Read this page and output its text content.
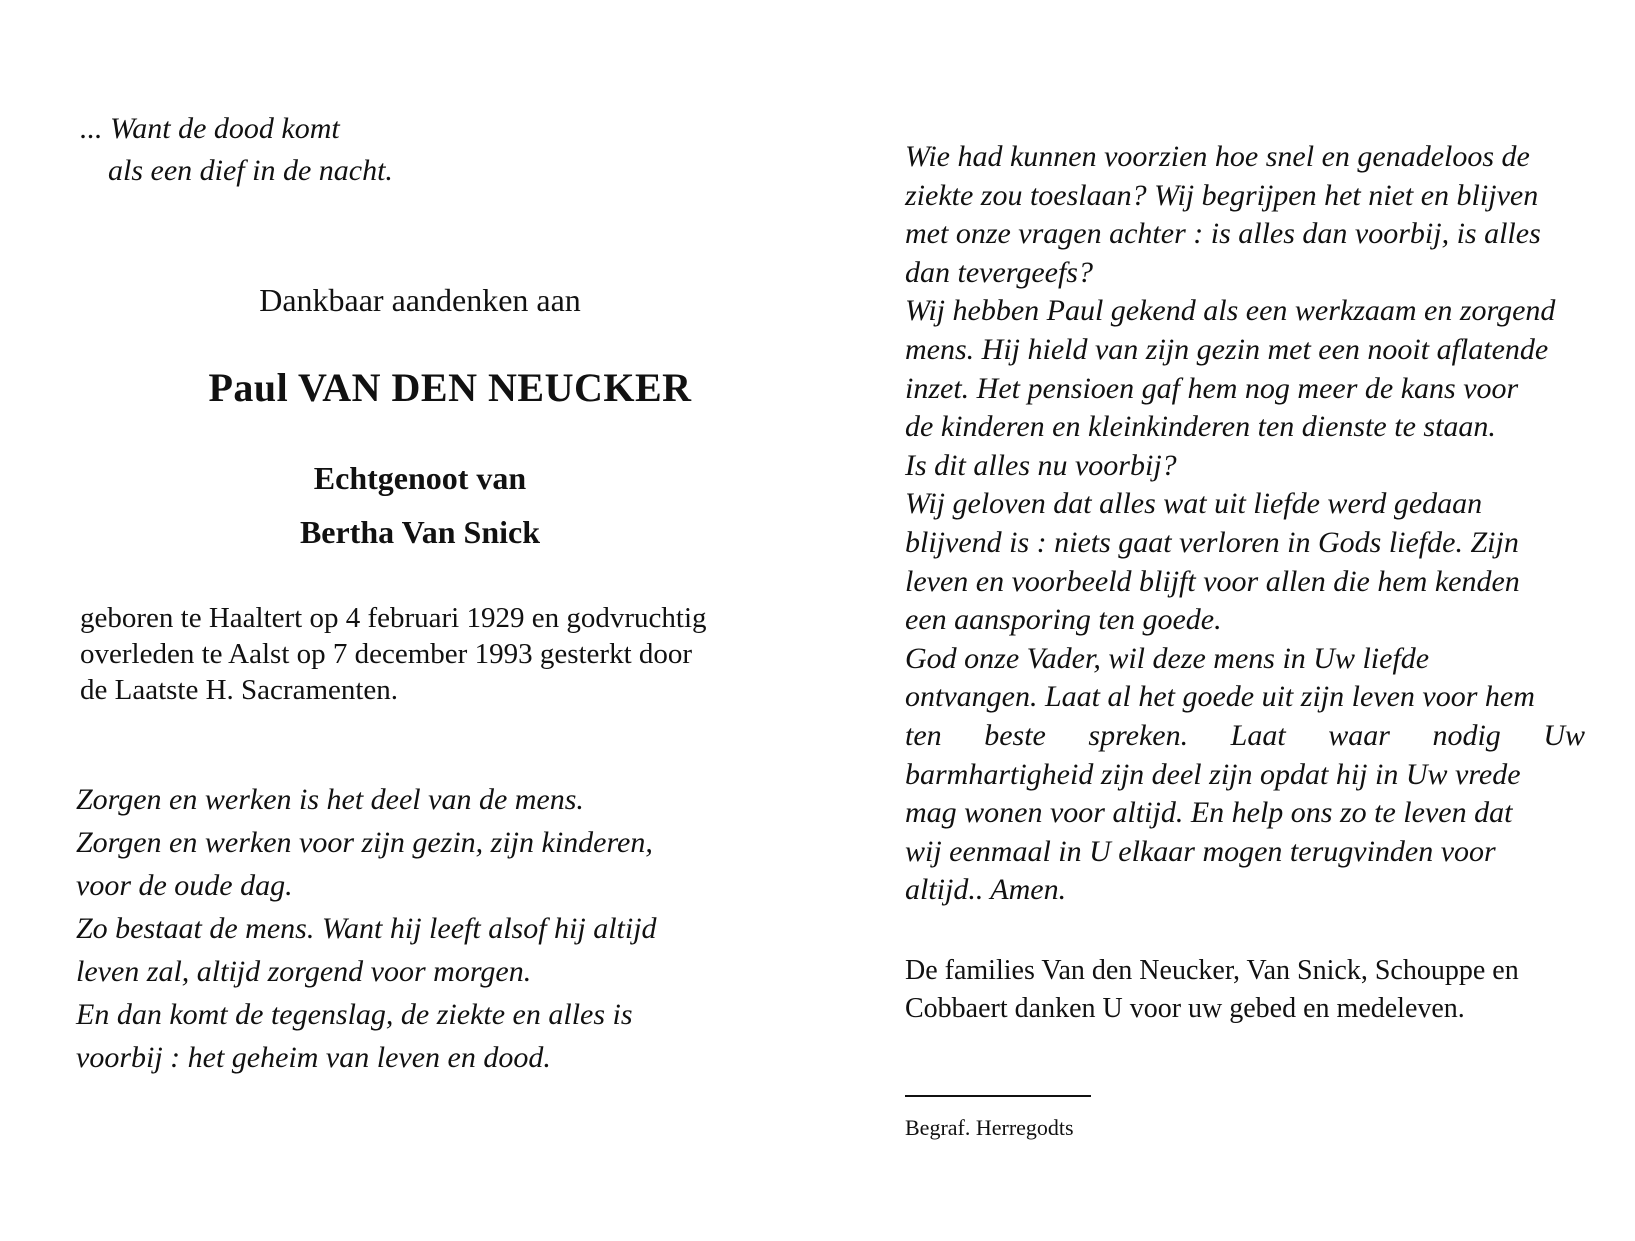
... Want de dood komt
als een dief in de nacht.
Dankbaar aandenken aan
Paul VAN DEN NEUCKER
Echtgenoot van
Bertha Van Snick
geboren te Haaltert op 4 februari 1929 en godvruchtig
overleden te Aalst op 7 december 1993 gesterkt door
de Laatste H. Sacramenten.
Zorgen en werken is het deel van de mens.
Zorgen en werken voor zijn gezin, zijn kinderen,
voor de oude dag.
Zo bestaat de mens. Want hij leeft alsof hij altijd
leven zal, altijd zorgend voor morgen.
En dan komt de tegenslag, de ziekte en alles is
voorbij : het geheim van leven en dood.
Wie had kunnen voorzien hoe snel en genadeloos de
ziekte zou toeslaan? Wij begrijpen het niet en blijven
met onze vragen achter : is alles dan voorbij, is alles
dan tevergeefs?
Wij hebben Paul gekend als een werkzaam en zorgend
mens. Hij hield van zijn gezin met een nooit aflatende
inzet. Het pensioen gaf hem nog meer de kans voor
de kinderen en kleinkinderen ten dienste te staan.
Is dit alles nu voorbij?
Wij geloven dat alles wat uit liefde werd gedaan
blijvend is : niets gaat verloren in Gods liefde. Zijn
leven en voorbeeld blijft voor allen die hem kenden
een aansporing ten goede.
God onze Vader, wil deze mens in Uw liefde
ontvangen. Laat al het goede uit zijn leven voor hem
ten beste spreken. Laat waar nodig Uw
barmhartigheid zijn deel zijn opdat hij in Uw vrede
mag wonen voor altijd. En help ons zo te leven dat
wij eenmaal in U elkaar mogen terugvinden voor
altijd.. Amen.
De families Van den Neucker, Van Snick, Schouppe en
Cobbaert danken U voor uw gebed en medeleven.
Begraf. Herregodts
